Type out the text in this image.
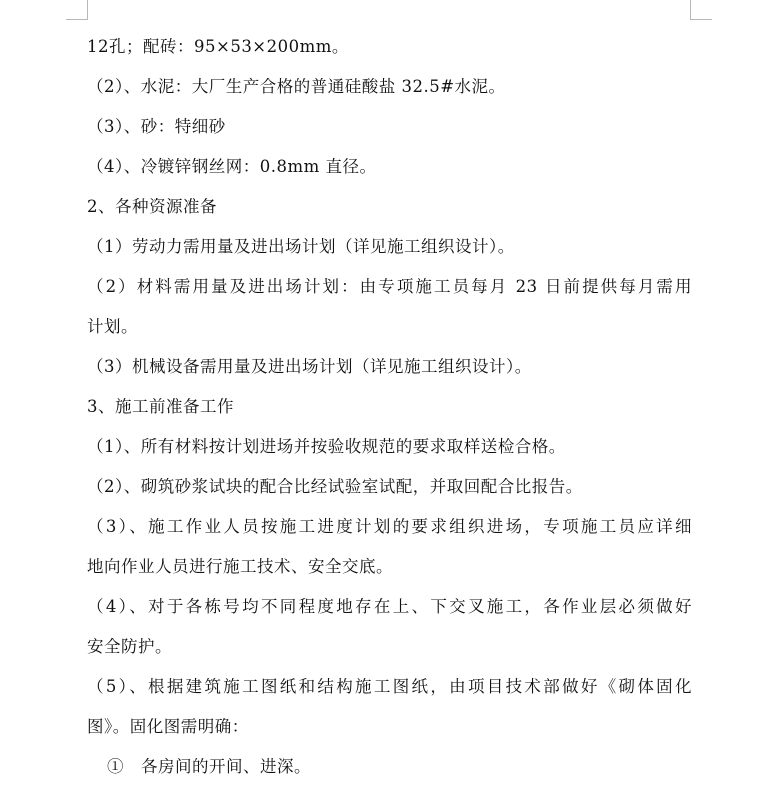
12孔；配砖：95×53×200mm。
（2）、水泥：大厂生产合格的普通硅酸盐 32.5#水泥。
（3）、砂：特细砂
（4）、冷镀锌钢丝网：0.8mm 直径。
2、各种资源准备
（1）劳动力需用量及进出场计划（详见施工组织设计）。
（2）材料需用量及进出场计划：由专项施工员每月 23 日前提供每月需用
计划。
（3）机械设备需用量及进出场计划（详见施工组织设计）。
3、施工前准备工作
（1）、所有材料按计划进场并按验收规范的要求取样送检合格。
（2）、砌筑砂浆试块的配合比经试验室试配，并取回配合比报告。
（3）、施工作业人员按施工进度计划的要求组织进场，专项施工员应详细
地向作业人员进行施工技术、安全交底。
（4）、对于各栋号均不同程度地存在上、下交叉施工，各作业层必须做好
安全防护。
（5）、根据建筑施工图纸和结构施工图纸，由项目技术部做好《砌体固化
图》。固化图需明确：
①　各房间的开间、进深。
